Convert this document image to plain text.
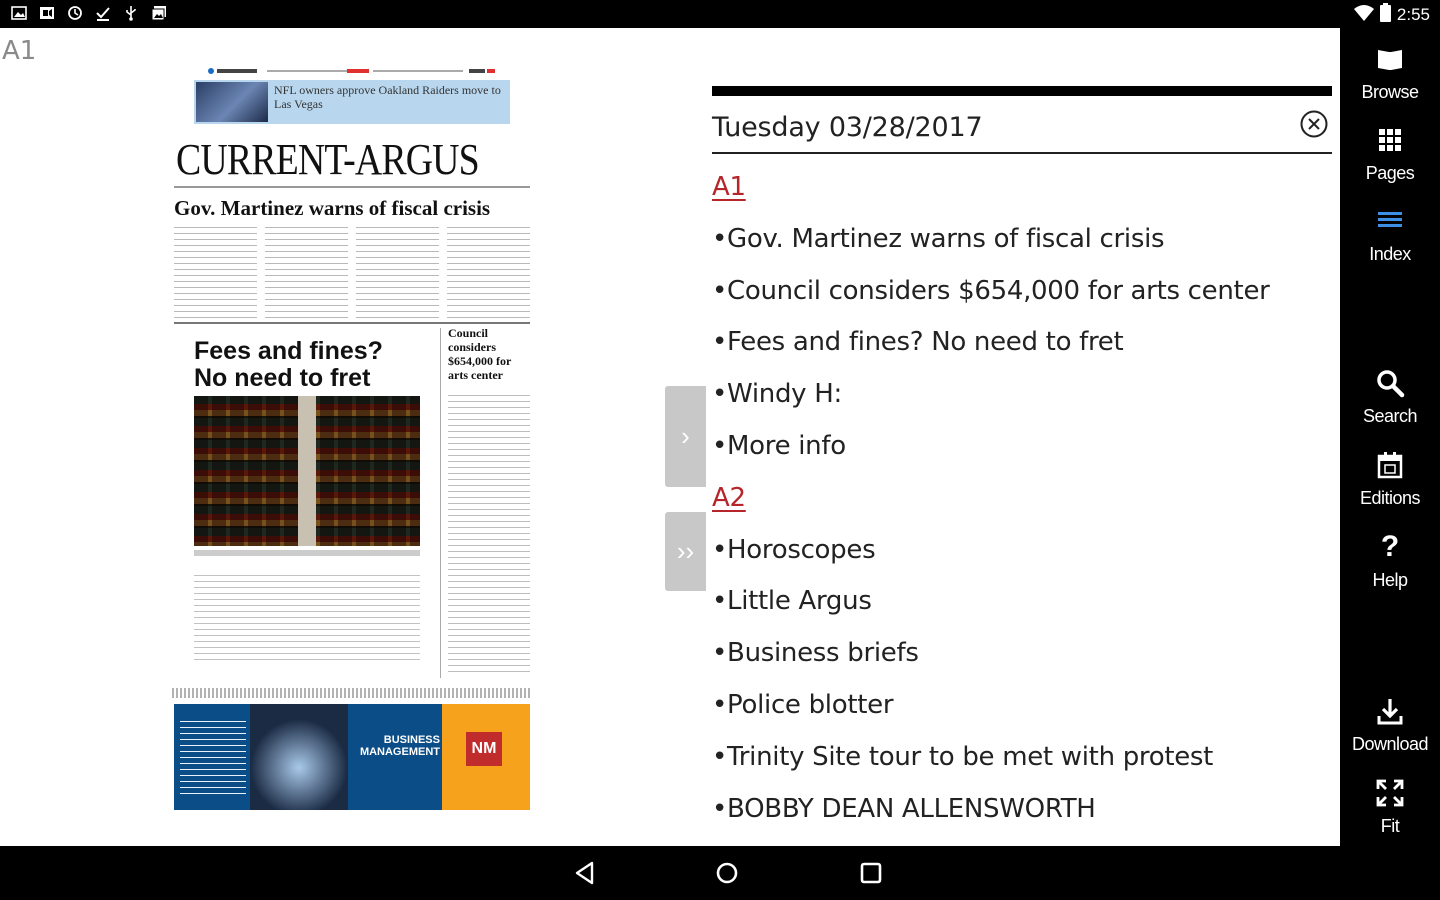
2:55
A1
NFL owners approve Oakland Raiders move to Las Vegas
CURRENT-ARGUS
Gov. Martinez warns of fiscal crisis
Fees and fines?
No need to fret
Council considers $654,000 for arts center
BUSINESS MANAGEMENT	NM
›
››
Tuesday 03/28/2017
A1
•Gov. Martinez warns of fiscal crisis
•Council considers $654,000 for arts center
•Fees and fines? No need to fret
•Windy H:
•More info
A2
•Horoscopes
•Little Argus
•Business briefs
•Police blotter
•Trinity Site tour to be met with protest
•BOBBY DEAN ALLENSWORTH
Browse
Pages
Index
Search
Editions
?
Help
Download
Fit
